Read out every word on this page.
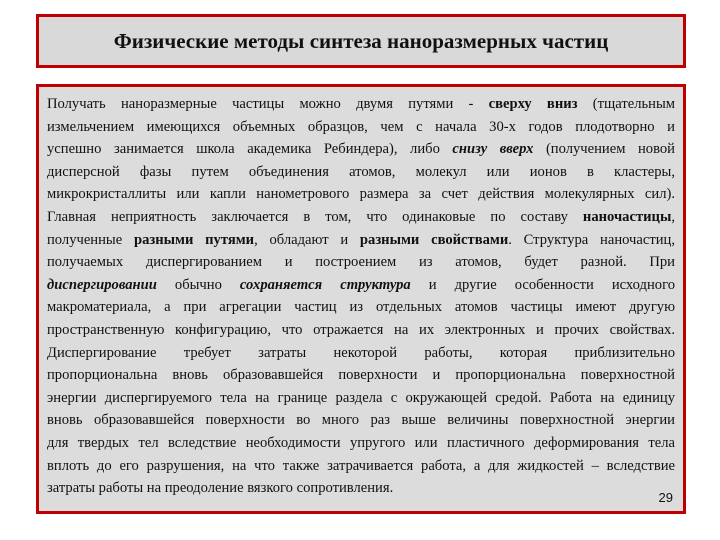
Физические методы синтеза наноразмерных частиц
Получать наноразмерные частицы можно двумя путями - сверху вниз (тщательным
измельчением имеющихся объемных образцов, чем с начала 30-х годов плодотворно и
успешно занимается школа академика Ребиндера), либо снизу вверх (получением новой
дисперсной фазы путем объединения атомов, молекул или ионов в кластеры,
микрокристаллиты или капли нанометрового размера за счет действия молекулярных сил).
Главная неприятность заключается в том, что одинаковые по составу наночастицы,
полученные разными путями, обладают и разными свойствами. Структура наночастиц,
получаемых диспергированием и построением из атомов, будет разной. При
диспергировании обычно сохраняется структура и другие особенности исходного
макроматериала, а при агрегации частиц из отдельных атомов частицы имеют другую
пространственную конфигурацию, что отражается на их электронных и прочих свойствах.
Диспергирование требует затраты некоторой работы, которая приблизительно
пропорциональна вновь образовавшейся поверхности и пропорциональна поверхностной
энергии диспергируемого тела на границе раздела с окружающей средой. Работа на единицу
вновь образовавшейся поверхности во много раз выше величины поверхностной энергии
для твердых тел вследствие необходимости упругого или пластичного деформирования тела
вплоть до его разрушения, на что также затрачивается работа, а для жидкостей – вследствие
затраты работы на преодоление вязкого сопротивления.
29
